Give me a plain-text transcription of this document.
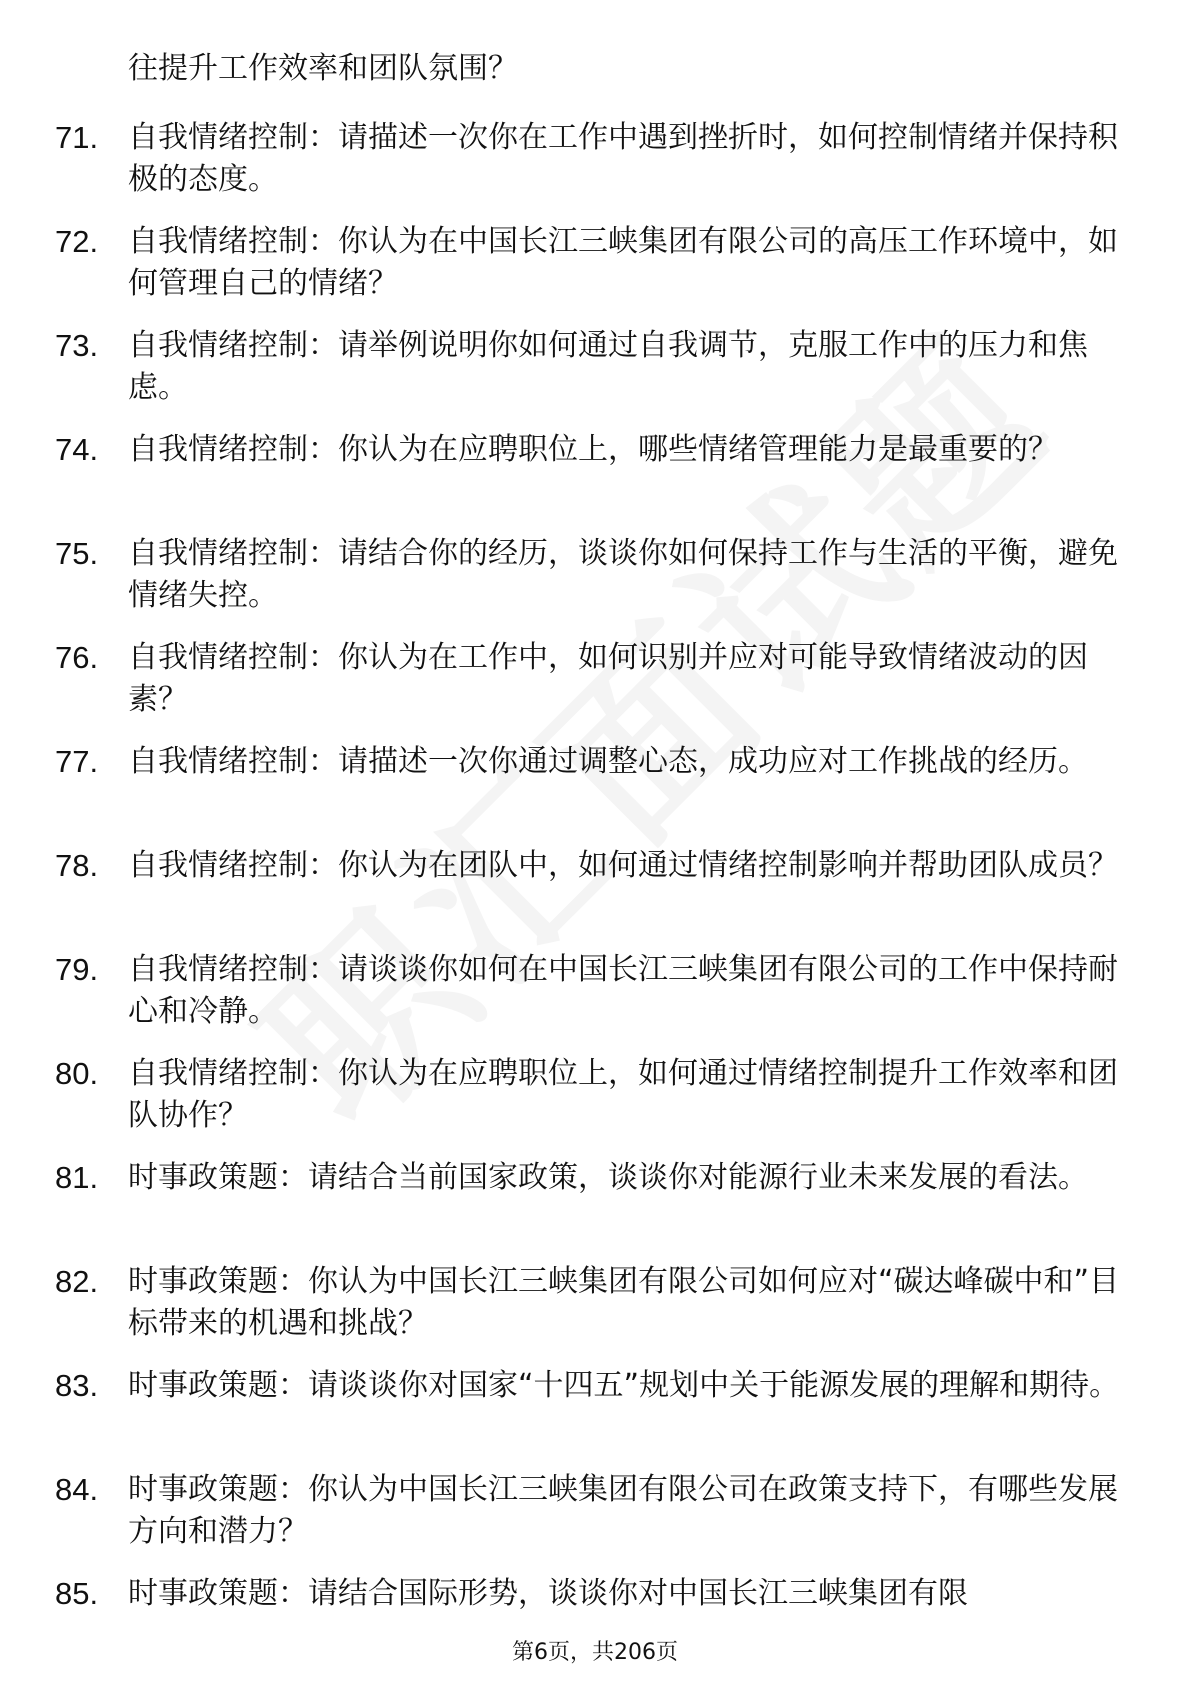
往提升工作效率和团队氛围？
71. 自我情绪控制：请描述一次你在工作中遇到挫折时，如何控制情绪并保持积极的态度。
72. 自我情绪控制：你认为在中国长江三峡集团有限公司的高压工作环境中，如何管理自己的情绪？
73. 自我情绪控制：请举例说明你如何通过自我调节，克服工作中的压力和焦虑。
74. 自我情绪控制：你认为在应聘职位上，哪些情绪管理能力是最重要的？
75. 自我情绪控制：请结合你的经历，谈谈你如何保持工作与生活的平衡，避免情绪失控。
76. 自我情绪控制：你认为在工作中，如何识别并应对可能导致情绪波动的因素？
77. 自我情绪控制：请描述一次你通过调整心态，成功应对工作挑战的经历。
78. 自我情绪控制：你认为在团队中，如何通过情绪控制影响并帮助团队成员？
79. 自我情绪控制：请谈谈你如何在中国长江三峡集团有限公司的工作中保持耐心和冷静。
80. 自我情绪控制：你认为在应聘职位上，如何通过情绪控制提升工作效率和团队协作？
81. 时事政策题：请结合当前国家政策，谈谈你对能源行业未来发展的看法。
82. 时事政策题：你认为中国长江三峡集团有限公司如何应对“碳达峰碳中和”目标带来的机遇和挑战？
83. 时事政策题：请谈谈你对国家“十四五”规划中关于能源发展的理解和期待。
84. 时事政策题：你认为中国长江三峡集团有限公司在政策支持下，有哪些发展方向和潜力？
85. 时事政策题：请结合国际形势，谈谈你对中国长江三峡集团有限
第6页，共206页
